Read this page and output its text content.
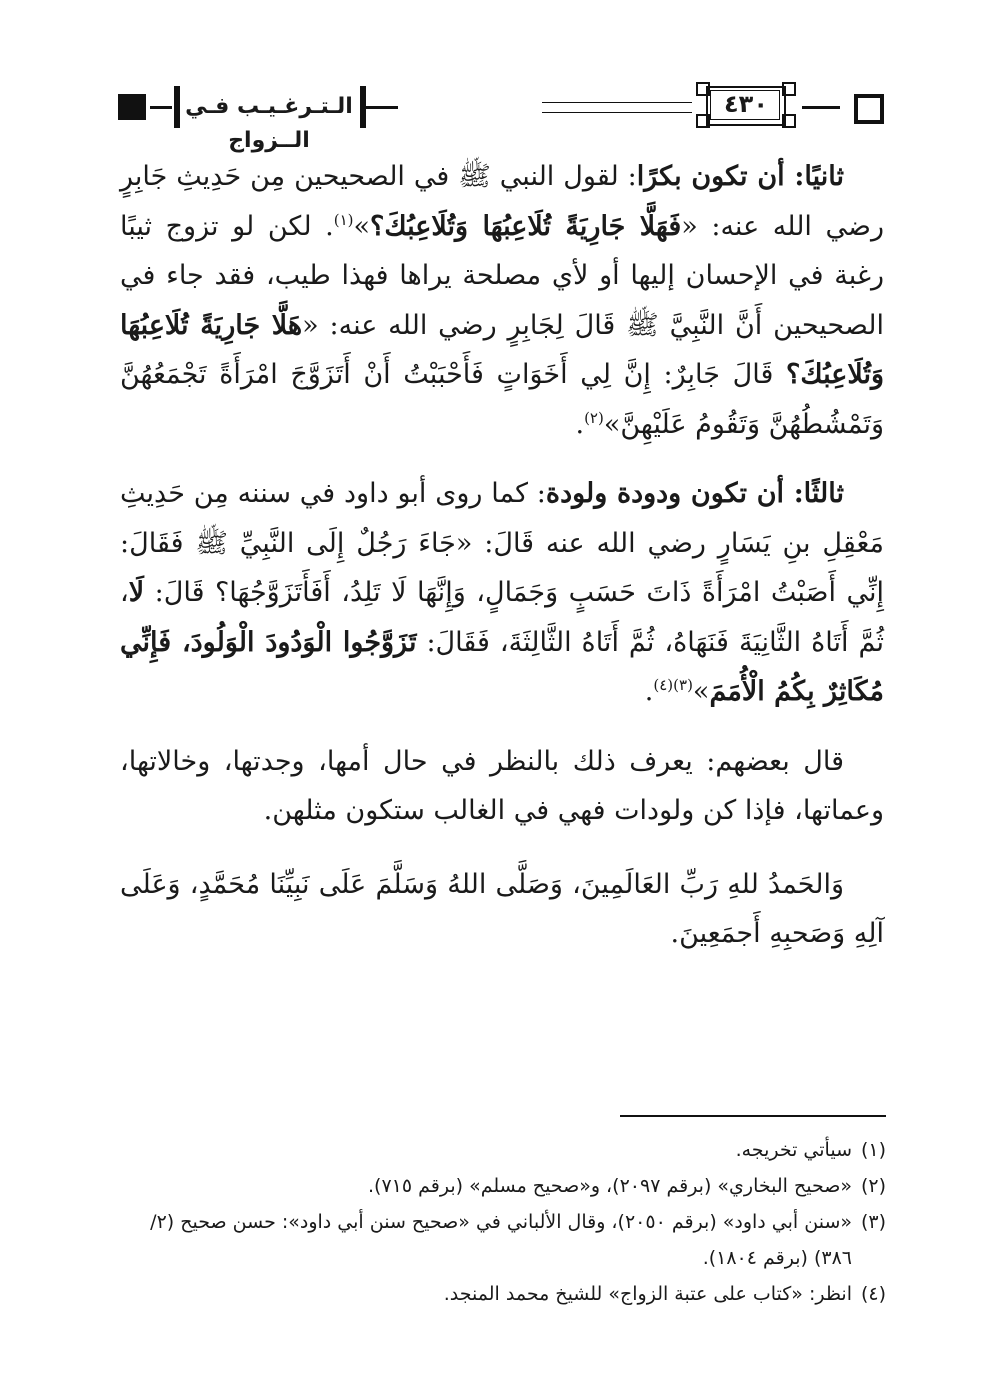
الـتـرغـيـب فـي الــزواج
٤٣٠

ثانيًا: أن تكون بكرًا: لقول النبي ﷺ في الصحيحين مِن حَدِيثِ جَابِرٍ رضي الله عنه: «فَهَلَّا جَارِيَةً تُلَاعِبُهَا وَتُلَاعِبُكَ؟»$^{(١)}$. لكن لو تزوج ثيبًا رغبة في الإحسان إليها أو لأي مصلحة يراها فهذا طيب، فقد جاء في الصحيحين أَنَّ النَّبِيَّ ﷺ قَالَ لِجَابِرٍ رضي الله عنه: «هَلَّا جَارِيَةً تُلَاعِبُهَا وَتُلَاعِبُكَ؟ قَالَ جَابِرٌ: إِنَّ لِي أَخَوَاتٍ فَأَحْبَبْتُ أَنْ أَتَزَوَّجَ امْرَأَةً تَجْمَعُهُنَّ وَتَمْشُطُهُنَّ وَتَقُومُ عَلَيْهِنَّ»$^{(٢)}$.

ثالثًا: أن تكون ودودة ولودة: كما روى أبو داود في سننه مِن حَدِيثِ مَعْقِلِ بنِ يَسَارٍ رضي الله عنه قَالَ: «جَاءَ رَجُلٌ إِلَى النَّبِيِّ ﷺ فَقَالَ: إِنِّي أَصَبْتُ امْرَأَةً ذَاتَ حَسَبٍ وَجَمَالٍ، وَإِنَّهَا لَا تَلِدُ، أَفَأَتَزَوَّجُهَا؟ قَالَ: لَا، ثُمَّ أَتَاهُ الثَّانِيَةَ فَنَهَاهُ، ثُمَّ أَتَاهُ الثَّالِثَةَ، فَقَالَ: تَزَوَّجُوا الْوَدُودَ الْوَلُودَ، فَإِنِّي مُكَاثِرٌ بِكُمُ الْأُمَمَ»$^{(٣)(٤)}$.

قال بعضهم: يعرف ذلك بالنظر في حال أمها، وجدتها، وخالاتها، وعماتها، فإذا كن ولودات فهي في الغالب ستكون مثلهن.

وَالحَمدُ للهِ رَبِّ العَالَمِينَ، وَصَلَّى اللهُ وَسَلَّمَ عَلَى نَبِيِّنَا مُحَمَّدٍ، وَعَلَى آلِهِ وَصَحبِهِ أَجمَعِينَ.

(١)سيأتي تخريجه.

(٢)«صحيح البخاري» (برقم ٢٠٩٧)، و«صحيح مسلم» (برقم ٧١٥).

(٣)«سنن أبي داود» (برقم ٢٠٥٠)، وقال الألباني في «صحيح سنن أبي داود»: حسن صحيح (٢/ ٣٨٦) (برقم ١٨٠٤).

(٤)انظر: «كتاب على عتبة الزواج» للشيخ محمد المنجد.
